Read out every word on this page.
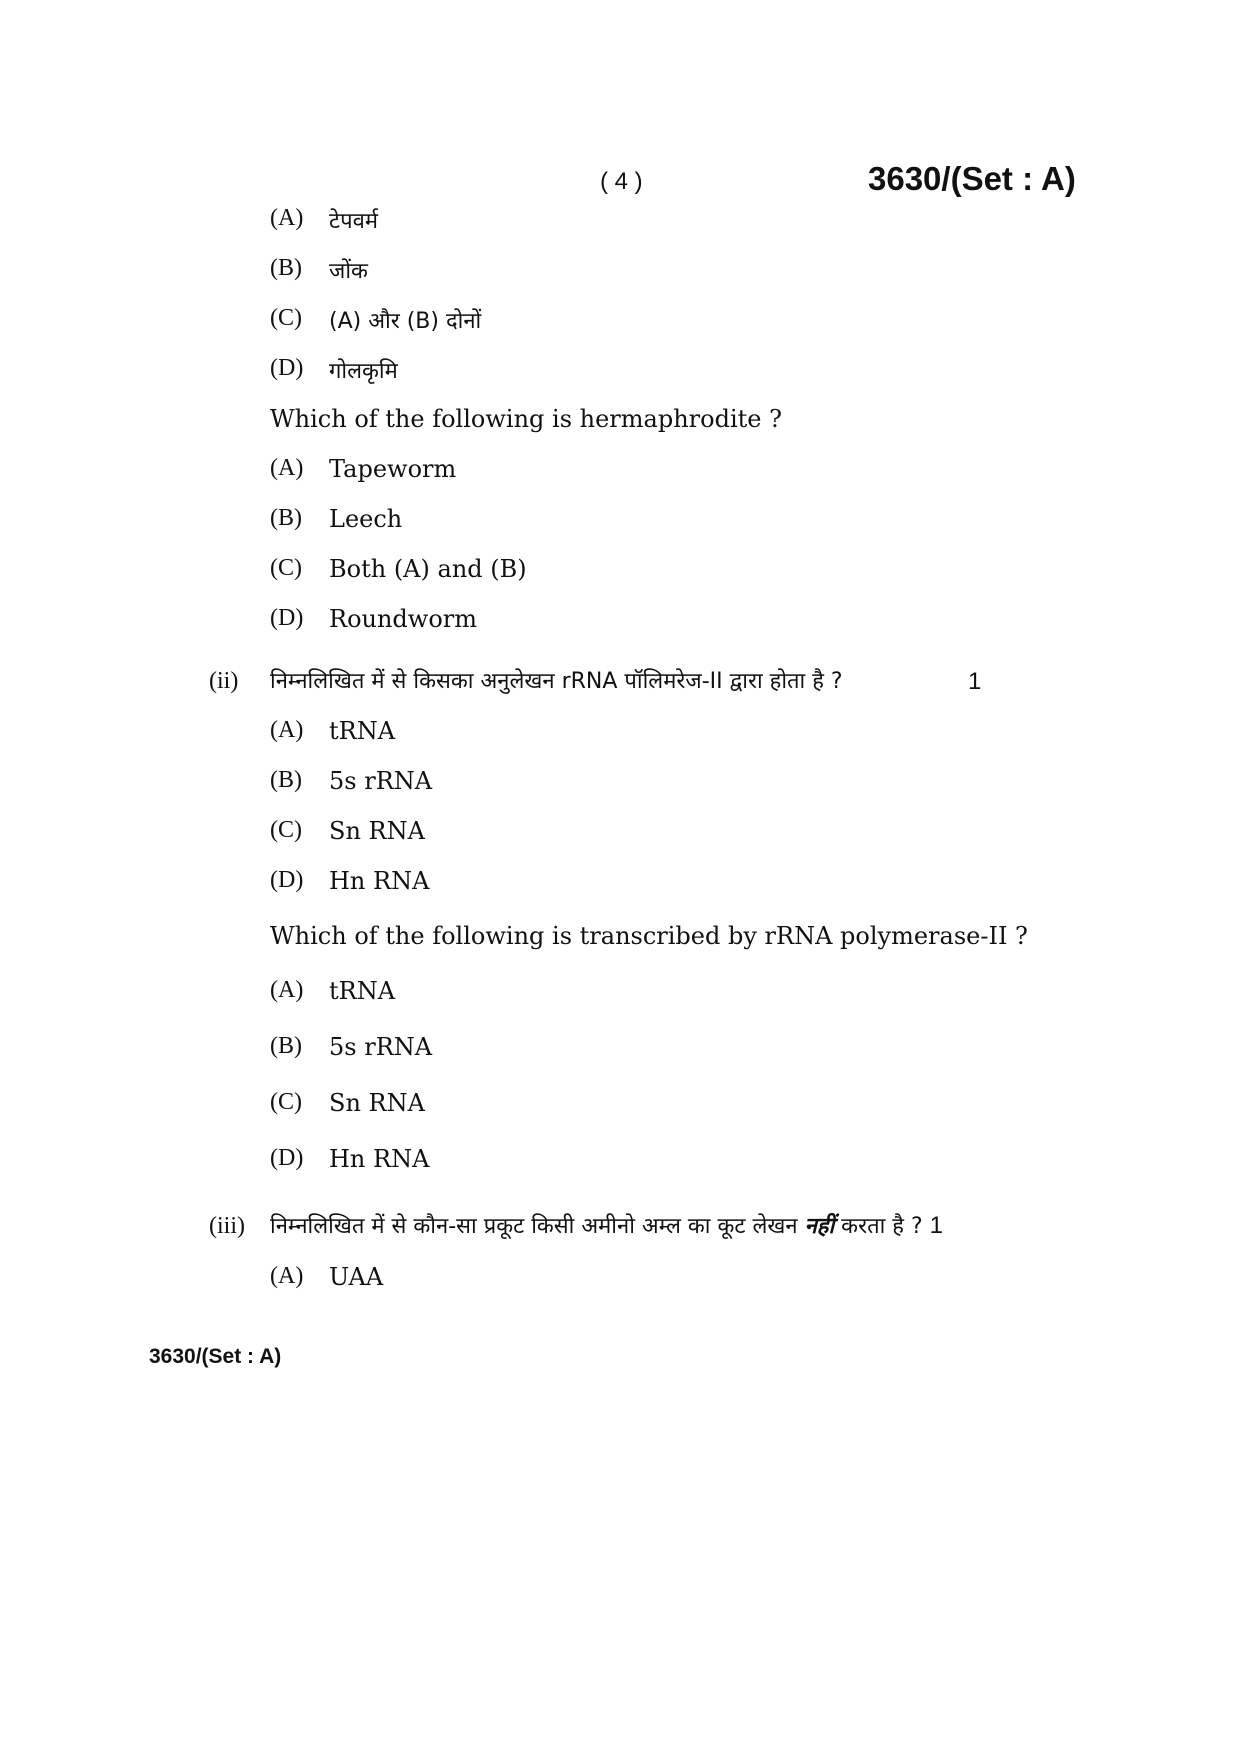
( 4 )	3630/(Set : A)
(A) टेपवर्म
(B) जोंक
(C) (A) और (B) दोनों
(D) गोलकृमि
Which of the following is hermaphrodite ?
(A) Tapeworm
(B) Leech
(C) Both (A) and (B)
(D) Roundworm
(ii) निम्नलिखित में से किसका अनुलेखन rRNA पॉलिमरेज-II द्वारा होता है ?	1
(A) tRNA
(B) 5s rRNA
(C) Sn RNA
(D) Hn RNA
Which of the following is transcribed by rRNA polymerase-II ?
(A) tRNA
(B) 5s rRNA
(C) Sn RNA
(D) Hn RNA
(iii) निम्नलिखित में से कौन-सा प्रकूट किसी अमीनो अम्ल का कूट लेखन नहीं करता है ? 1
(A) UAA
3630/(Set : A)
